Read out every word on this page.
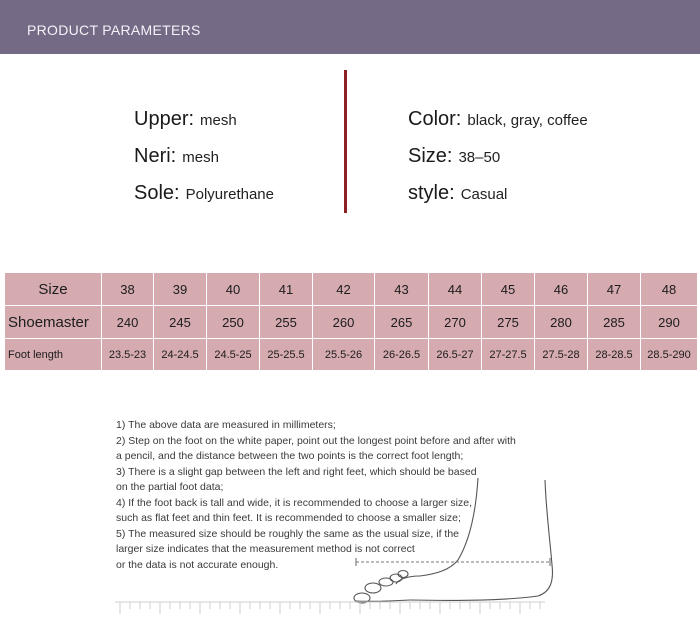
PRODUCT PARAMETERS
Upper: mesh
Neri: mesh
Sole: Polyurethane
Color: black, gray, coffee
Size: 38–50
style: Casual
Size	38	39	40	41	42	43	44	45	46	47	48
Shoemaster	240	245	250	255	260	265	270	275	280	285	290
Foot length	23.5-23	24-24.5	24.5-25	25-25.5	25.5-26	26-26.5	26.5-27	27-27.5	27.5-28	28-28.5	28.5-290
1) The above data are measured in millimeters;
2) Step on the foot on the white paper, point out the longest point before and after with
a pencil, and the distance between the two points is the correct foot length;
3) There is a slight gap between the left and right feet, which should be based
on the partial foot data;
4) If the foot back is tall and wide, it is recommended to choose a larger size,
such as flat feet and thin feet. It is recommended to choose a smaller size;
5) The measured size should be roughly the same as the usual size, if the
larger size indicates that the measurement method is not correct
or the data is not accurate enough.
